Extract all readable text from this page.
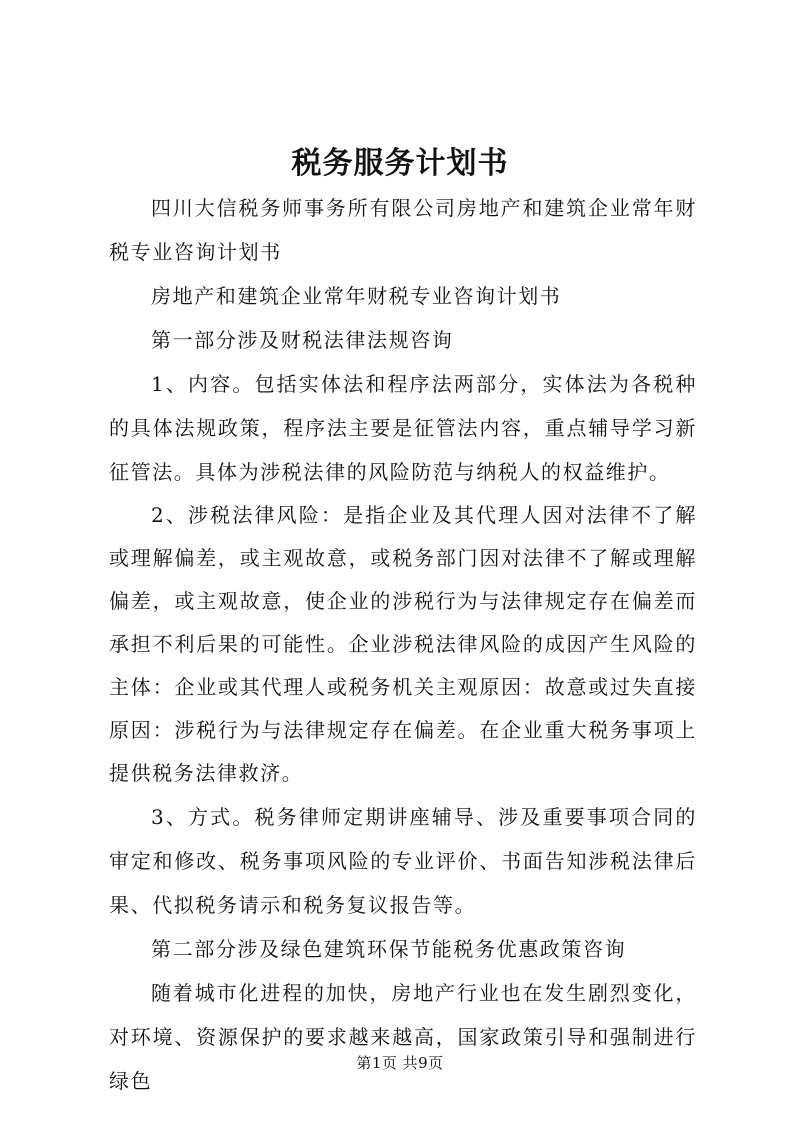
税务服务计划书

四川大信税务师事务所有限公司房地产和建筑企业常年财税专业咨询计划书

房地产和建筑企业常年财税专业咨询计划书

第一部分涉及财税法律法规咨询

1、内容。包括实体法和程序法两部分，实体法为各税种的具体法规政策，程序法主要是征管法内容，重点辅导学习新征管法。具体为涉税法律的风险防范与纳税人的权益维护。

2、涉税法律风险：是指企业及其代理人因对法律不了解或理解偏差，或主观故意，或税务部门因对法律不了解或理解偏差，或主观故意，使企业的涉税行为与法律规定存在偏差而承担不利后果的可能性。企业涉税法律风险的成因产生风险的主体：企业或其代理人或税务机关主观原因：故意或过失直接原因：涉税行为与法律规定存在偏差。在企业重大税务事项上提供税务法律救济。

3、方式。税务律师定期讲座辅导、涉及重要事项合同的审定和修改、税务事项风险的专业评价、书面告知涉税法律后果、代拟税务请示和税务复议报告等。

第二部分涉及绿色建筑环保节能税务优惠政策咨询

随着城市化进程的加快，房地产行业也在发生剧烈变化，对环境、资源保护的要求越来越高，国家政策引导和强制进行绿色

第1页 共9页
